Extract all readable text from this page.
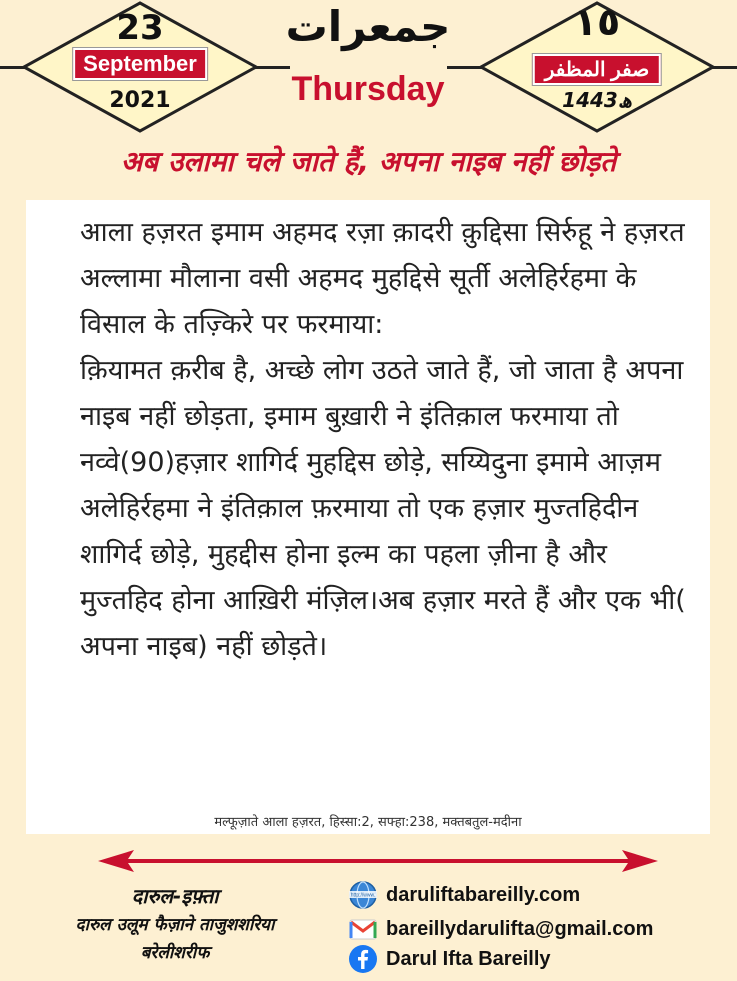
23
September
2021
١٥
صفر المظفر
1443ھ
جمعرات
Thursday
अब उलामा चले जाते हैं, अपना नाइब नहीं छोड़ते

आला हज़रत इमाम अहमद रज़ा क़ादरी क़ुद्दिसा सिर्रुहू ने हज़रत अल्लामा मौलाना वसी अहमद मुहद्दिसे सूर्ती अलेहिर्रहमा के विसाल के तज़्किरे पर फरमाया:

क़ियामत क़रीब है, अच्छे लोग उठते जाते हैं, जो जाता है अपना नाइब नहीं छोड़ता, इमाम बुख़ारी ने इंतिक़ाल फरमाया तो नव्वे(90)हज़ार शागिर्द मुहद्दिस छोड़े, सय्यिदुना इमामे आज़म अलेहिर्रहमा ने इंतिक़ाल फ़रमाया तो एक हज़ार मुज्तहिदीन शागिर्द छोड़े, मुहद्दीस होना इल्म का पहला ज़ीना है और मुज्तहिद होना आख़िरी मंज़िल।अब हज़ार मरते हैं और एक भी( अपना नाइब) नहीं छोड़ते।

मल्फूज़ाते आला हज़रत, हिस्सा:2, सफ्हा:238, मक्तबतुल-मदीना
दारुल-इफ़्ता
दारुल उलूम फैज़ाने ताजुशशरिया
बरेलीशरीफ
http://www. daruliftabareilly.com
bareillydarulifta@gmail.com
Darul Ifta Bareilly
